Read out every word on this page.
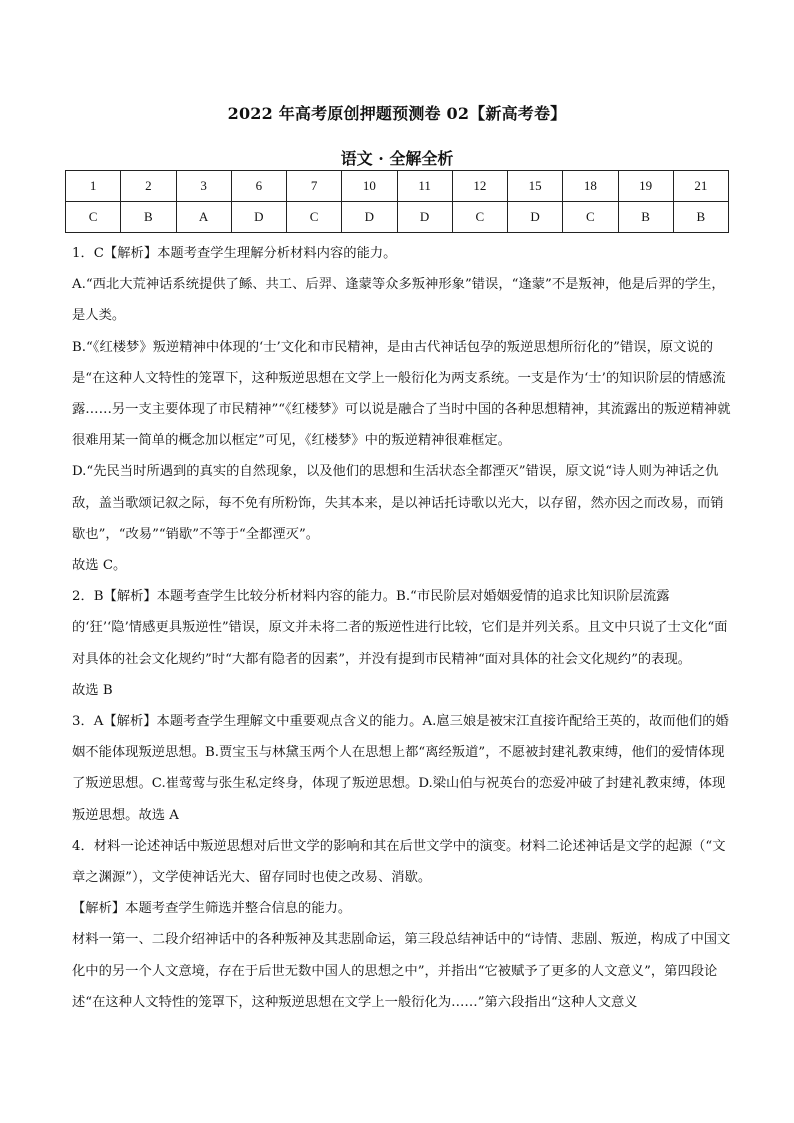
2022 年高考原创押题预测卷 02【新高考卷】
语文 · 全解全析
1	2	3	6	7	10	11	12	15	18	19	21
C	B	A	D	C	D	D	C	D	C	B	B

1．C【解析】本题考查学生理解分析材料内容的能力。

A.“西北大荒神话系统提供了鲧、共工、后羿、逢蒙等众多叛神形象”错误，“逢蒙”不是叛神，他是后羿的学生，是人类。

B.“《红楼梦》叛逆精神中体现的‘士’文化和市民精神，是由古代神话包孕的叛逆思想所衍化的”错误，原文说的是“在这种人文特性的笼罩下，这种叛逆思想在文学上一般衍化为两支系统。一支是作为‘士’的知识阶层的情感流露……另一支主要体现了市民精神”“《红楼梦》可以说是融合了当时中国的各种思想精神，其流露出的叛逆精神就很难用某一简单的概念加以框定”可见，《红楼梦》中的叛逆精神很难框定。

D.“先民当时所遇到的真实的自然现象，以及他们的思想和生活状态全都湮灭”错误，原文说“诗人则为神话之仇敌，盖当歌颂记叙之际，每不免有所粉饰，失其本来，是以神话托诗歌以光大，以存留，然亦因之而改易，而销歇也”，“改易”“销歇”不等于“全都湮灭”。

故选 C。

2．B【解析】本题考查学生比较分析材料内容的能力。B.“市民阶层对婚姻爱情的追求比知识阶层流露的‘狂’‘隐’情感更具叛逆性”错误，原文并未将二者的叛逆性进行比较，它们是并列关系。且文中只说了士文化“面对具体的社会文化规约”时“大都有隐者的因素”，并没有提到市民精神“面对具体的社会文化规约”的表现。

故选 B

3．A【解析】本题考查学生理解文中重要观点含义的能力。A.扈三娘是被宋江直接许配给王英的，故而他们的婚姻不能体现叛逆思想。B.贾宝玉与林黛玉两个人在思想上都“离经叛道”，不愿被封建礼教束缚，他们的爱情体现了叛逆思想。C.崔莺莺与张生私定终身，体现了叛逆思想。D.梁山伯与祝英台的恋爱冲破了封建礼教束缚，体现叛逆思想。故选 A

4．材料一论述神话中叛逆思想对后世文学的影响和其在后世文学中的演变。材料二论述神话是文学的起源（“文章之渊源”），文学使神话光大、留存同时也使之改易、消歇。

【解析】本题考查学生筛选并整合信息的能力。

材料一第一、二段介绍神话中的各种叛神及其悲剧命运，第三段总结神话中的“诗情、悲剧、叛逆，构成了中国文化中的另一个人文意境，存在于后世无数中国人的思想之中”，并指出“它被赋予了更多的人文意义”，第四段论述“在这种人文特性的笼罩下，这种叛逆思想在文学上一般衍化为……”第六段指出“这种人文意义
